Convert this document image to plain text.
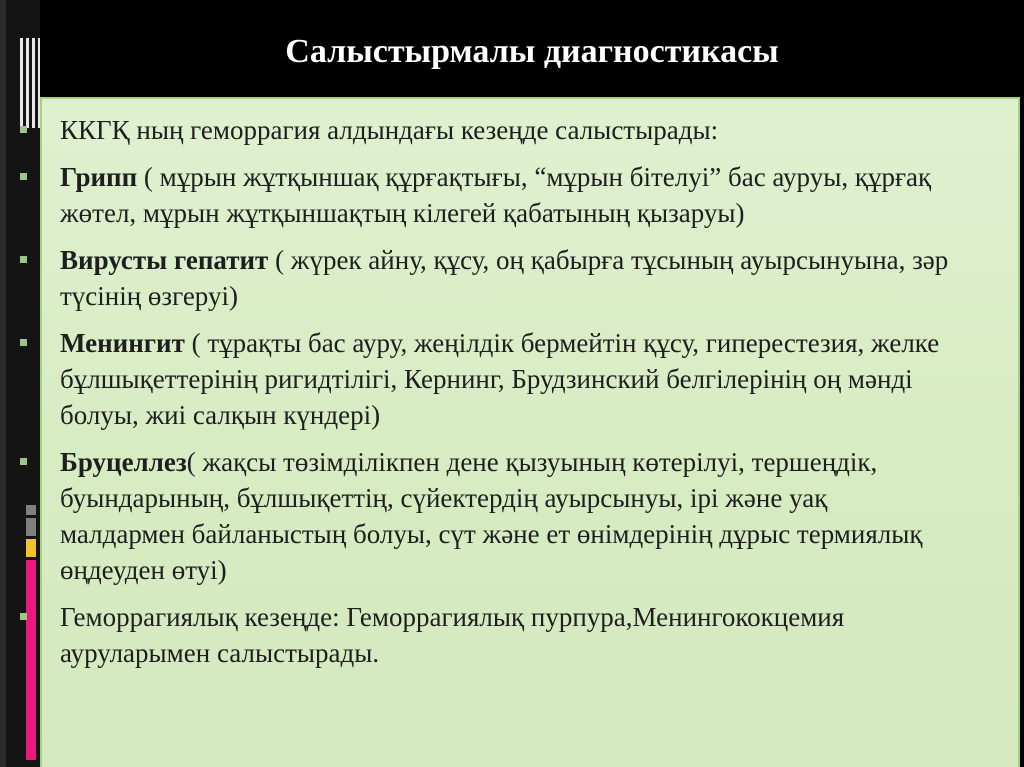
Салыстырмалы диагностикасы
ККГҚ ның геморрагия алдындағы кезеңде салыстырады:
Грипп ( мұрын жұтқыншақ құрғақтығы, “мұрын бітелуі” бас ауруы, құрғақ жөтел, мұрын жұтқыншақтың кілегей қабатының қызаруы)
Вирусты гепатит ( жүрек айну, құсу, оң қабырға тұсының ауырсынуына, зәр түсінің өзгеруі)
Менингит ( тұрақты бас ауру, жеңілдік бермейтін құсу, гиперестезия, желке бұлшықеттерінің ригидтілігі, Кернинг, Брудзинский белгілерінің оң мәнді болуы, жиі салқын күндері)
Бруцеллез( жақсы төзімділікпен дене қызуының көтерілуі, тершеңдік, буындарының, бұлшықеттің, сүйектердің ауырсынуы, ірі және уақ малдармен байланыстың болуы, сүт және ет өнімдерінің дұрыс термиялық өңдеуден өтуі)
Геморрагиялық кезеңде: Геморрагиялық пурпура,Менингококцемия ауруларымен салыстырады.
